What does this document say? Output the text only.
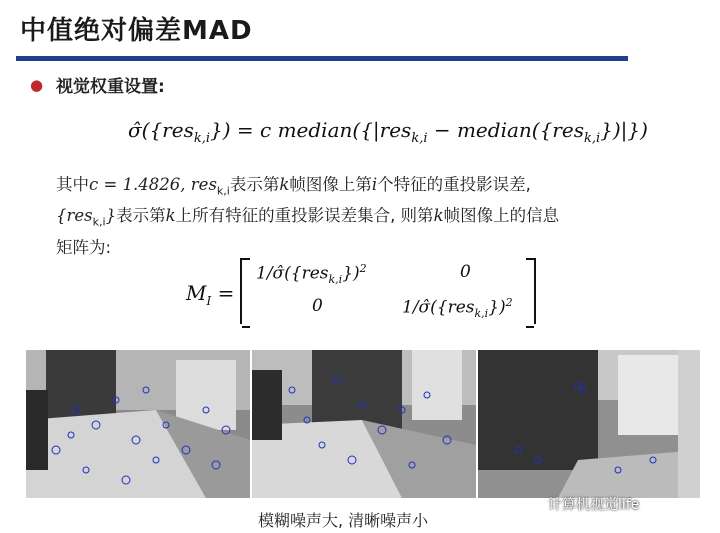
中值绝对偏差MAD
● 视觉权重设置:
σ̂({res$_{k,i}$}) = c median({|res$_{k,i}$ − median({res$_{k,i}$})|})
其中c = 1.4826, res$_{k,i}$表示第k帧图像上第i个特征的重投影误差,
{res$_{k,i}$}表示第k上所有特征的重投影误差集合, 则第k帧图像上的信息
矩阵为:
$M_I$ =
$1/\sigmâ(\{res_{k,i}\})^2$	0
0	$1/\sigmâ(\{res_{k,i}\})^2$
模糊噪声大, 清晰噪声小
计算机视觉life
